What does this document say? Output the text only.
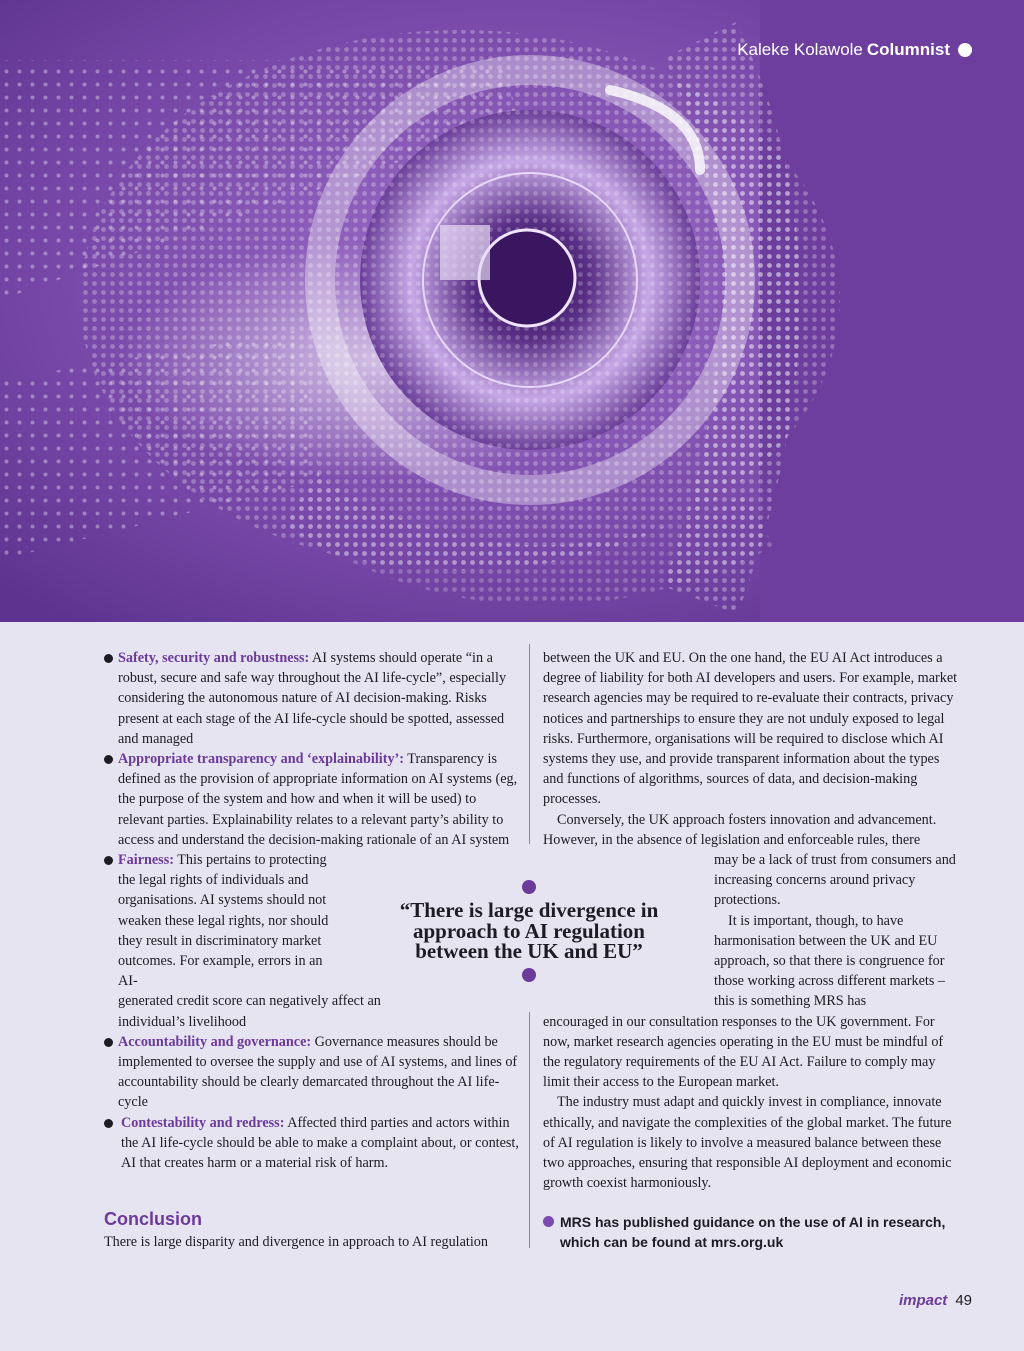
Kaleke Kolawole Columnist

Safety, security and robustness: AI systems should operate “in a robust, secure and safe way throughout the AI life-cycle”, especially considering the autonomous nature of AI decision-making. Risks present at each stage of the AI life-cycle should be spotted, assessed and managed

Appropriate transparency and ‘explainability’: Transparency is defined as the provision of appropriate information on AI systems (eg, the purpose of the system and how and when it will be used) to relevant parties. Explainability relates to a relevant party’s ability to access and understand the decision-making rationale of an AI system

Fairness: This pertains to protecting the legal rights of individuals and organisations. AI systems should not weaken these legal rights, nor should they result in discriminatory market outcomes. For example, errors in an AI-
generated credit score can negatively affect an individual’s livelihood

Accountability and governance: Governance measures should be implemented to oversee the supply and use of AI systems, and lines of accountability should be clearly demarcated throughout the AI life-cycle

Contestability and redress: Affected third parties and actors within the AI life-cycle should be able to make a complaint about, or contest, AI that creates harm or a material risk of harm.

“There is large divergence in approach to AI regulation between the UK and EU”

between the UK and EU. On the one hand, the EU AI Act introduces a degree of liability for both AI developers and users. For example, market research agencies may be required to re-evaluate their contracts, privacy notices and partnerships to ensure they are not unduly exposed to legal risks. Furthermore, organisations will be required to disclose which AI systems they use, and provide transparent information about the types and functions of algorithms, sources of data, and decision-making processes.

Conversely, the UK approach fosters innovation and advancement. However, in the absence of legislation and enforceable rules, there

may be a lack of trust from consumers and increasing concerns around privacy protections.

It is important, though, to have harmonisation between the UK and EU approach, so that there is congruence for those working across different markets – this is something MRS has

encouraged in our consultation responses to the UK government. For now, market research agencies operating in the EU must be mindful of the regulatory requirements of the EU AI Act. Failure to comply may limit their access to the European market.

The industry must adapt and quickly invest in compliance, innovate ethically, and navigate the complexities of the global market. The future of AI regulation is likely to involve a measured balance between these two approaches, ensuring that responsible AI deployment and economic growth coexist harmoniously.

Conclusion

There is large disparity and divergence in approach to AI regulation

MRS has published guidance on the use of AI in research, which can be found at mrs.org.uk
impact 49
